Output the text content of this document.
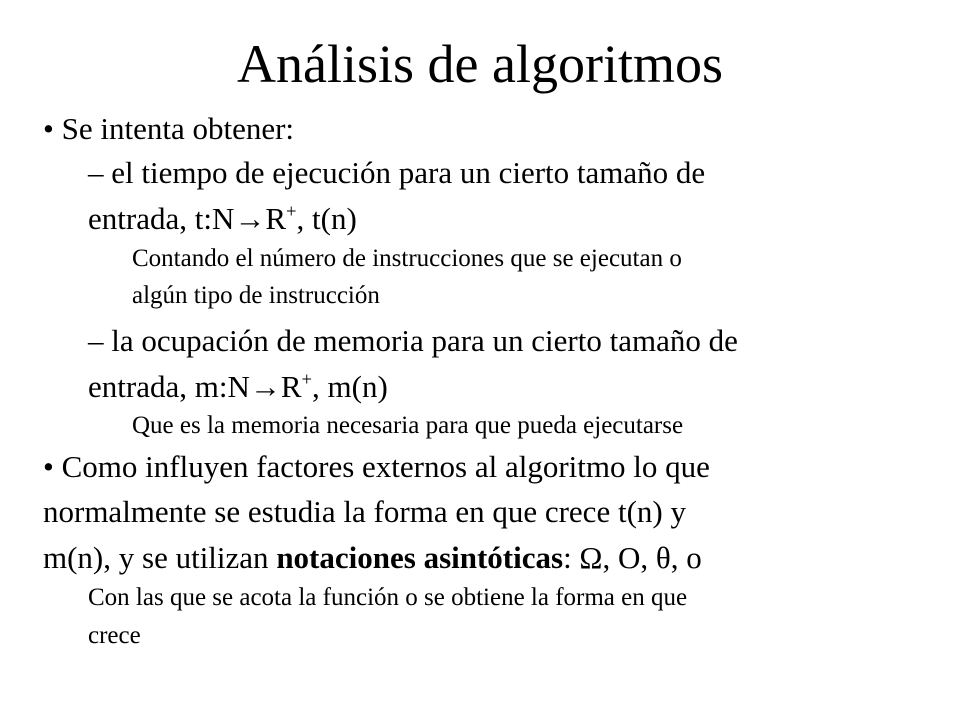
Análisis de algoritmos
• Se intenta obtener:
– el tiempo de ejecución para un cierto tamaño de
entrada, t:N→R+, t(n)
Contando el número de instrucciones que se ejecutan o
algún tipo de instrucción
– la ocupación de memoria para un cierto tamaño de
entrada, m:N→R+, m(n)
Que es la memoria necesaria para que pueda ejecutarse
• Como influyen factores externos al algoritmo lo que
normalmente se estudia la forma en que crece t(n) y
m(n), y se utilizan notaciones asintóticas: Ω, Ο, θ, ο
Con las que se acota la función o se obtiene la forma en que
crece
